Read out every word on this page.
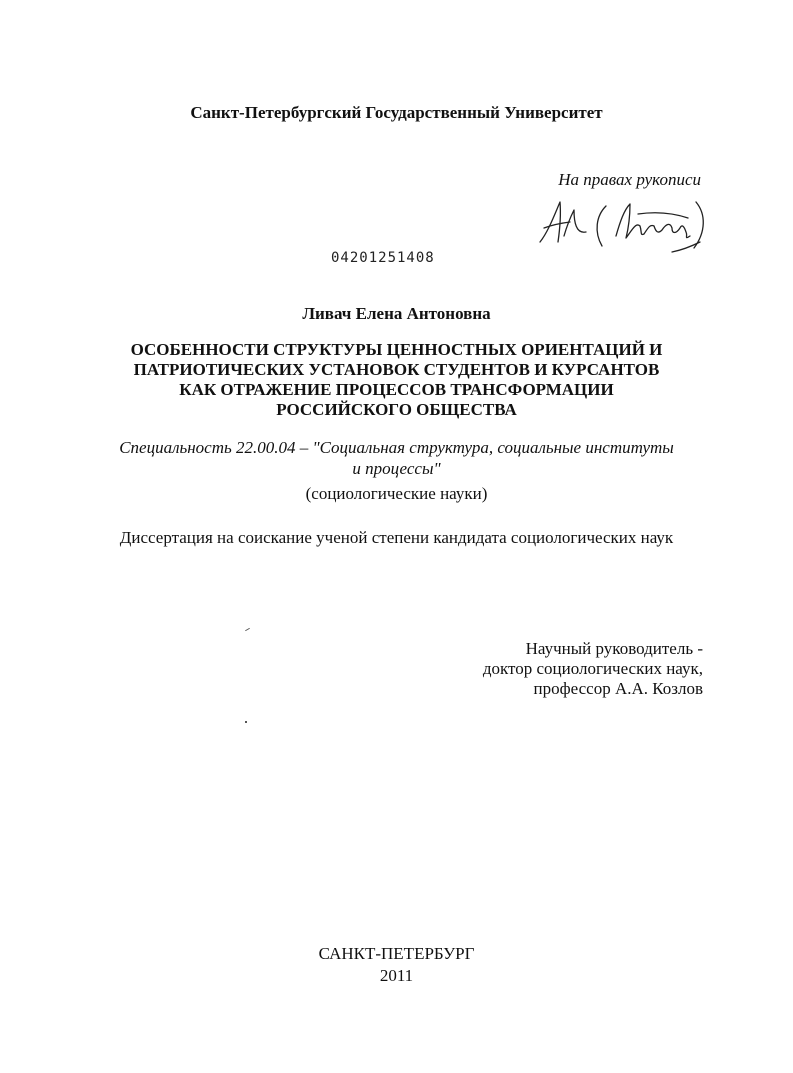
Санкт-Петербургский Государственный Университет
На правах рукописи
04201251408
Ливач Елена Антоновна
ОСОБЕННОСТИ СТРУКТУРЫ ЦЕННОСТНЫХ ОРИЕНТАЦИЙ И
ПАТРИОТИЧЕСКИХ УСТАНОВОК СТУДЕНТОВ И КУРСАНТОВ
КАК ОТРАЖЕНИЕ ПРОЦЕССОВ ТРАНСФОРМАЦИИ
РОССИЙСКОГО ОБЩЕСТВА
Специальность 22.00.04 – "Социальная структура, социальные институты
и процессы"
(социологические науки)
Диссертация на соискание ученой степени кандидата социологических наук
Научный руководитель -
доктор социологических наук,
профессор А.А. Козлов
САНКТ-ПЕТЕРБУРГ
2011
